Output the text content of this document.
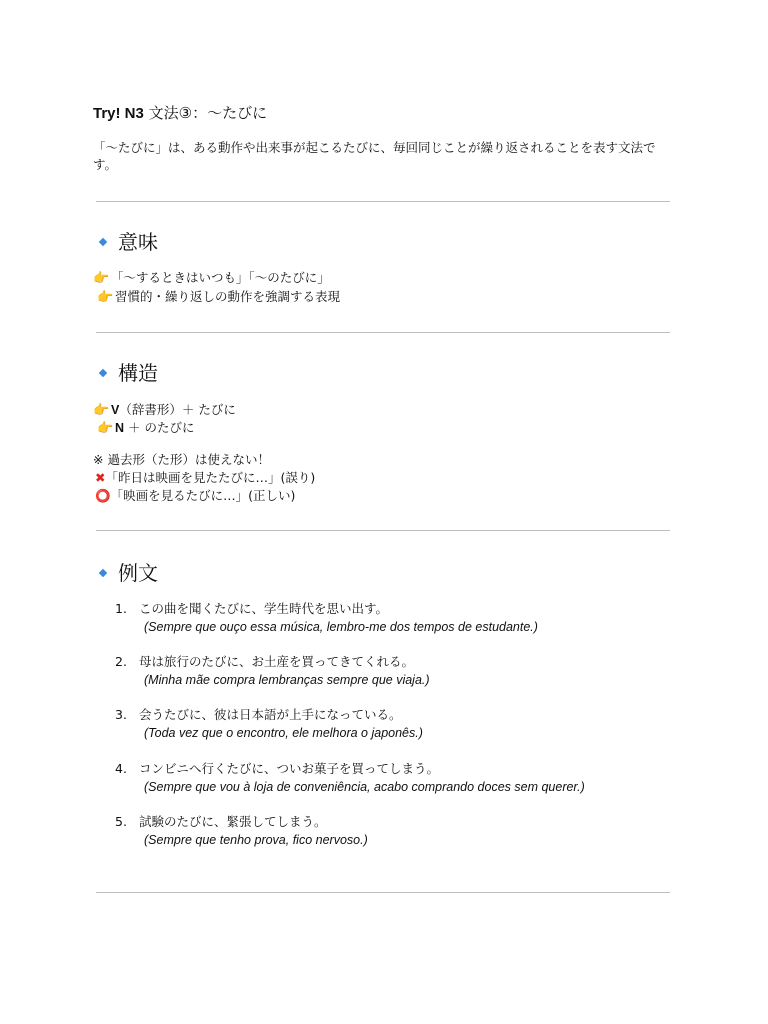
Try! N3 文法③：〜たびに
「〜たびに」は、ある動作や出来事が起こるたびに、毎回同じことが繰り返されることを表す文法です。
意味
👉 「〜するときはいつも」「〜のたびに」
👉 習慣的・繰り返しの動作を強調する表現
構造
👉 V（辞書形）＋ たびに
👉 N ＋ のたびに
※ 過去形（た形）は使えない！
✖「昨日は映画を見たたびに…」(誤り)
⭕「映画を見るたびに…」(正しい)
例文
1. この曲を聞くたびに、学生時代を思い出す。
(Sempre que ouço essa música, lembro-me dos tempos de estudante.)
2. 母は旅行のたびに、お土産を買ってきてくれる。
(Minha mãe compra lembranças sempre que viaja.)
3. 会うたびに、彼は日本語が上手になっている。
(Toda vez que o encontro, ele melhora o japonês.)
4. コンビニへ行くたびに、ついお菓子を買ってしまう。
(Sempre que vou à loja de conveniência, acabo comprando doces sem querer.)
5. 試験のたびに、緊張してしまう。
(Sempre que tenho prova, fico nervoso.)
